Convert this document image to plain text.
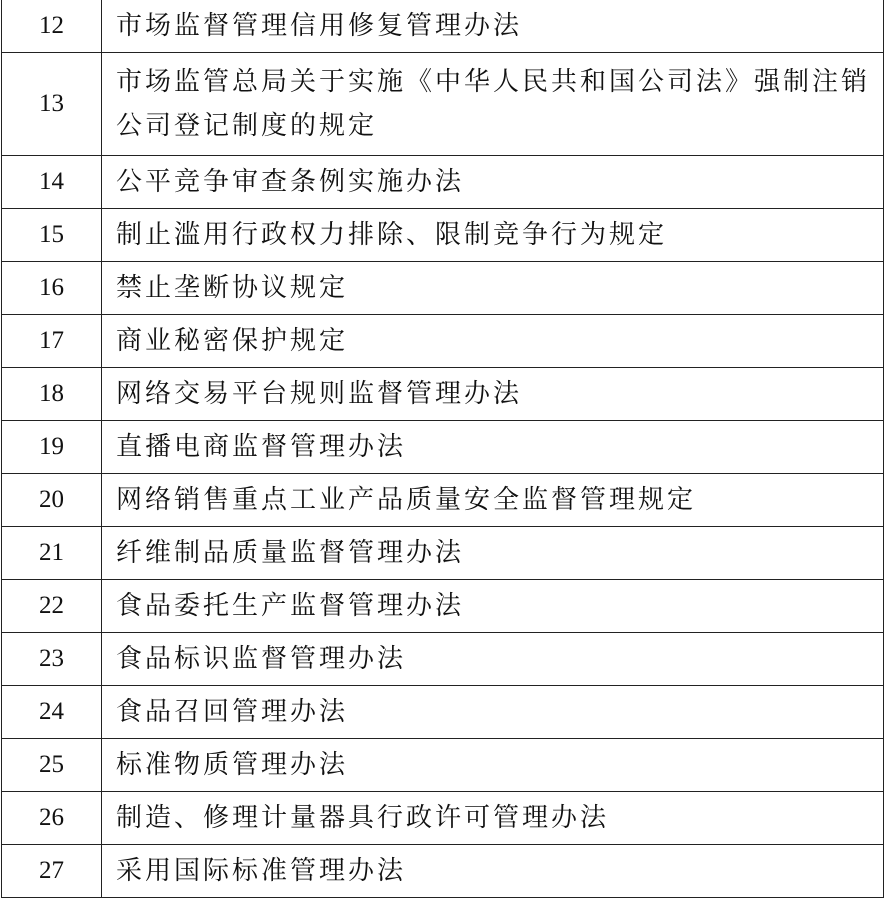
12	市场监督管理信用修复管理办法
13	市场监管总局关于实施《中华人民共和国公司法》强制注销公司登记制度的规定
14	公平竞争审查条例实施办法
15	制止滥用行政权力排除、限制竞争行为规定
16	禁止垄断协议规定
17	商业秘密保护规定
18	网络交易平台规则监督管理办法
19	直播电商监督管理办法
20	网络销售重点工业产品质量安全监督管理规定
21	纤维制品质量监督管理办法
22	食品委托生产监督管理办法
23	食品标识监督管理办法
24	食品召回管理办法
25	标准物质管理办法
26	制造、修理计量器具行政许可管理办法
27	采用国际标准管理办法
